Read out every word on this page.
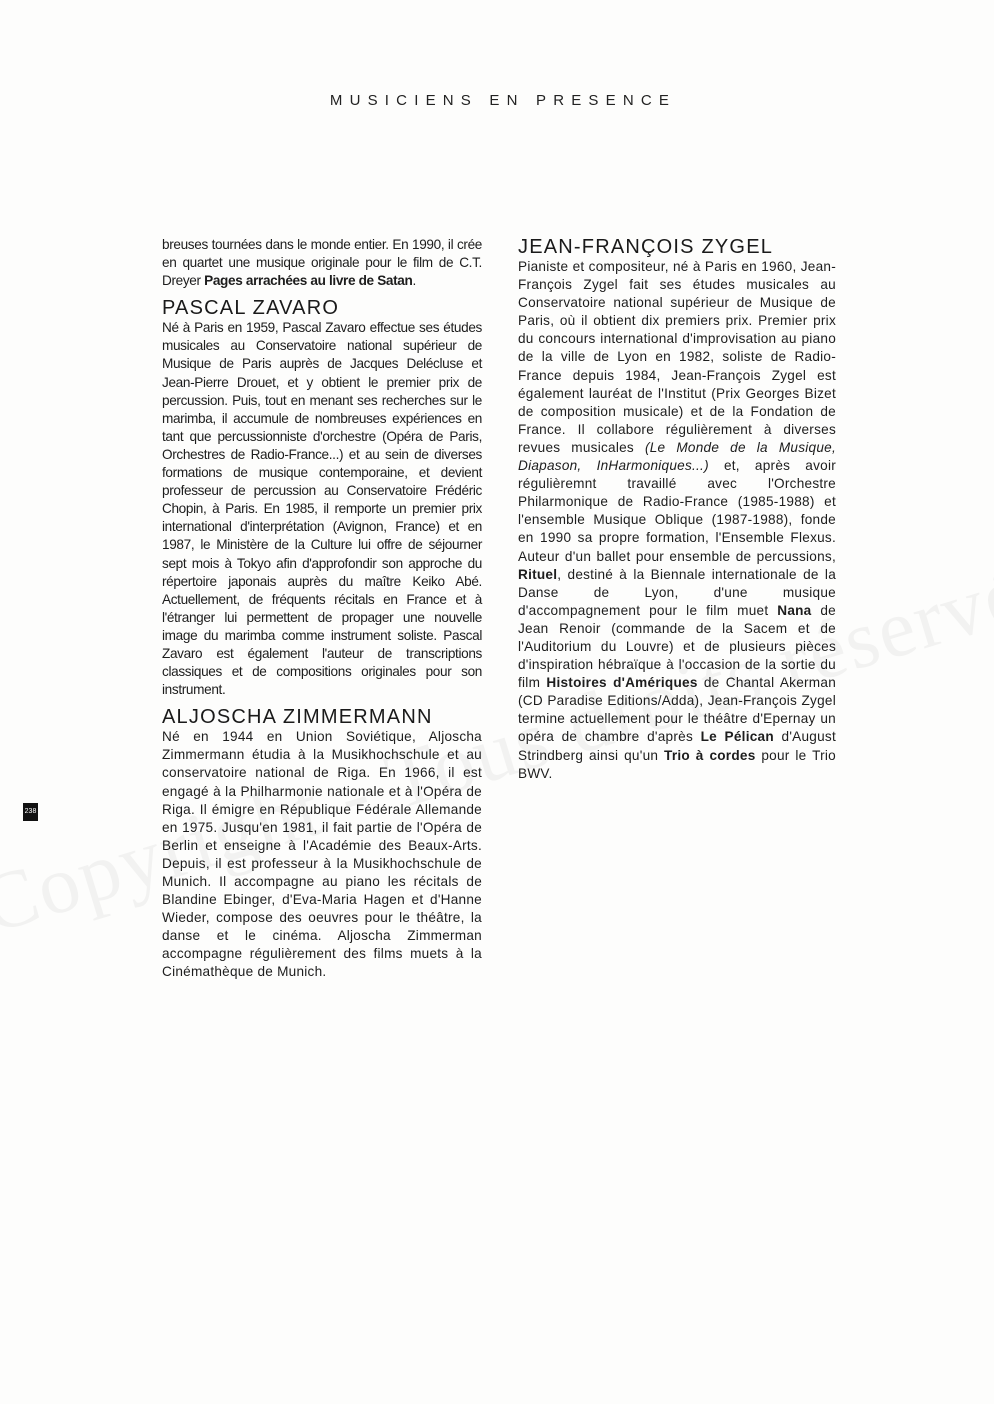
MUSICIENS EN PRESENCE

breuses tournées dans le monde entier. En 1990, il crée en quartet une musique originale pour le film de C.T. Dreyer Pages arrachées au livre de Satan.

PASCAL ZAVARO

Né à Paris en 1959, Pascal Zavaro effectue ses études musicales au Conservatoire national supérieur de Musique de Paris auprès de Jacques Delécluse et Jean-Pierre Drouet, et y obtient le premier prix de percussion. Puis, tout en menant ses recherches sur le marimba, il accumule de nombreuses expériences en tant que percussionniste d'orchestre (Opéra de Paris, Orchestres de Radio-France...) et au sein de diverses formations de musique contemporaine, et devient professeur de percussion au Conservatoire Frédéric Chopin, à Paris. En 1985, il remporte un premier prix international d'interprétation (Avignon, France) et en 1987, le Ministère de la Culture lui offre de séjourner sept mois à Tokyo afin d'approfondir son approche du répertoire japonais auprès du maître Keiko Abé. Actuellement, de fréquents récitals en France et à l'étranger lui permettent de propager une nouvelle image du marimba comme instrument soliste. Pascal Zavaro est également l'auteur de transcriptions classiques et de compositions originales pour son instrument.

ALJOSCHA ZIMMERMANN

Né en 1944 en Union Soviétique, Aljoscha Zimmermann étudia à la Musikhochschule et au conservatoire national de Riga. En 1966, il est engagé à la Philharmonie nationale et à l'Opéra de Riga. Il émigre en République Fédérale Allemande en 1975. Jusqu'en 1981, il fait partie de l'Opéra de Berlin et enseigne à l'Académie des Beaux-Arts. Depuis, il est professeur à la Musikhochschule de Munich. Il accompagne au piano les récitals de Blandine Ebinger, d'Eva-Maria Hagen et d'Hanne Wieder, compose des oeuvres pour le théâtre, la danse et le cinéma. Aljoscha Zimmerman accompagne régulièrement des films muets à la Cinémathèque de Munich.

JEAN-FRANÇOIS ZYGEL

Pianiste et compositeur, né à Paris en 1960, Jean-François Zygel fait ses études musicales au Conservatoire national supérieur de Musique de Paris, où il obtient dix premiers prix. Premier prix du concours international d'improvisation au piano de la ville de Lyon en 1982, soliste de Radio-France depuis 1984, Jean-François Zygel est également lauréat de l'Institut (Prix Georges Bizet de composition musicale) et de la Fondation de France. Il collabore régulièrement à diverses revues musicales (Le Monde de la Musique, Diapason, InHarmoniques...) et, après avoir régulièremnt travaillé avec l'Orchestre Philarmonique de Radio-France (1985-1988) et l'ensemble Musique Oblique (1987-1988), fonde en 1990 sa propre formation, l'Ensemble Flexus. Auteur d'un ballet pour ensemble de percussions, Rituel, destiné à la Biennale internationale de la Danse de Lyon, d'une musique d'accompagnement pour le film muet Nana de Jean Renoir (commande de la Sacem et de l'Auditorium du Louvre) et de plusieurs pièces d'inspiration hébraïque à l'occasion de la sortie du film Histoires d'Amériques de Chantal Akerman (CD Paradise Editions/Adda), Jean-François Zygel termine actuellement pour le théâtre d'Epernay un opéra de chambre d'après Le Pélican d'August Strindberg ainsi qu'un Trio à cordes pour le Trio BWV.

238
